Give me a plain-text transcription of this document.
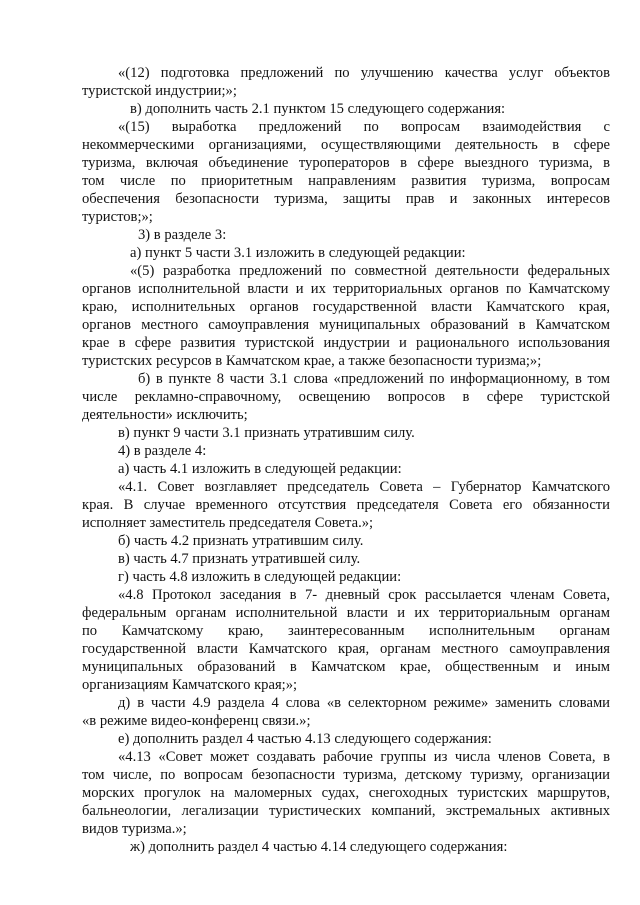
«(12) подготовка предложений по улучшению качества услуг объектов
туристской индустрии;»;
в) дополнить часть 2.1 пунктом 15 следующего содержания:
«(15) выработка предложений по вопросам взаимодействия с
некоммерческими организациями, осуществляющими деятельность в сфере
туризма, включая объединение туроператоров в сфере выездного туризма, в
том числе по приоритетным направлениям развития туризма, вопросам
обеспечения безопасности туризма, защиты прав и законных интересов
туристов;»;
3) в разделе 3:
а) пункт 5 части 3.1 изложить в следующей редакции:
«(5) разработка предложений по совместной деятельности федеральных
органов исполнительной власти и их территориальных органов по Камчатскому
краю, исполнительных органов государственной власти Камчатского края,
органов местного самоуправления муниципальных образований в Камчатском
крае в сфере развития туристской индустрии и рационального использования
туристских ресурсов в Камчатском крае, а также безопасности туризма;»;
б) в пункте 8 части 3.1 слова «предложений по информационному, в том
числе рекламно-справочному, освещению вопросов в сфере туристской
деятельности» исключить;
в) пункт 9 части 3.1 признать утратившим силу.
4) в разделе 4:
а) часть 4.1 изложить в следующей редакции:
«4.1. Совет возглавляет председатель Совета – Губернатор Камчатского
края. В случае временного отсутствия председателя Совета его обязанности
исполняет заместитель председателя Совета.»;
б) часть 4.2 признать утратившим силу.
в) часть 4.7 признать утратившей силу.
г) часть 4.8 изложить в следующей редакции:
«4.8 Протокол заседания в 7- дневный срок рассылается членам Совета,
федеральным органам исполнительной власти и их территориальным органам
по Камчатскому краю, заинтересованным исполнительным органам
государственной власти Камчатского края, органам местного самоуправления
муниципальных образований в Камчатском крае, общественным и иным
организациям Камчатского края;»;
д) в части 4.9 раздела 4 слова «в селекторном режиме» заменить словами
«в режиме видео-конференц связи.»;
е) дополнить раздел 4 частью 4.13 следующего содержания:
«4.13 «Совет может создавать рабочие группы из числа членов Совета, в
том числе, по вопросам безопасности туризма, детскому туризму, организации
морских прогулок на маломерных судах, снегоходных туристских маршрутов,
бальнеологии, легализации туристических компаний, экстремальных активных
видов туризма.»;
ж) дополнить раздел 4 частью 4.14 следующего содержания:
